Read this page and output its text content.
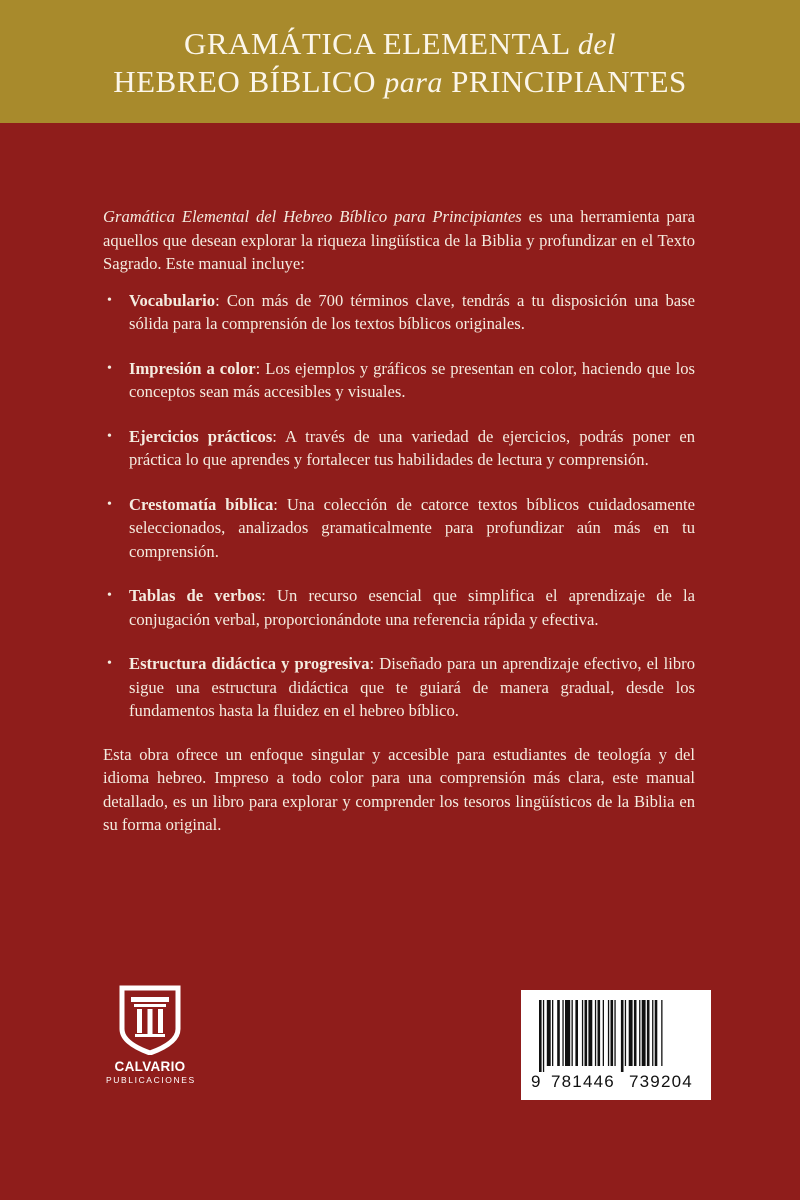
GRAMÁTICA ELEMENTAL del
HEBREO BÍBLICO para PRINCIPIANTES

Gramática Elemental del Hebreo Bíblico para Principiantes es una herramienta para aquellos que desean explorar la riqueza lingüística de la Biblia y profundizar en el Texto Sagrado. Este manual incluye:

• Vocabulario: Con más de 700 términos clave, tendrás a tu disposición una base sólida para la comprensión de los textos bíblicos originales.
• Impresión a color: Los ejemplos y gráficos se presentan en color, haciendo que los conceptos sean más accesibles y visuales.
• Ejercicios prácticos: A través de una variedad de ejercicios, podrás poner en práctica lo que aprendes y fortalecer tus habilidades de lectura y comprensión.
• Crestomatía bíblica: Una colección de catorce textos bíblicos cuidadosamente seleccionados, analizados gramaticalmente para profundizar aún más en tu comprensión.
• Tablas de verbos: Un recurso esencial que simplifica el aprendizaje de la conjugación verbal, proporcionándote una referencia rápida y efectiva.
• Estructura didáctica y progresiva: Diseñado para un aprendizaje efectivo, el libro sigue una estructura didáctica que te guiará de manera gradual, desde los fundamentos hasta la fluidez en el hebreo bíblico.

Esta obra ofrece un enfoque singular y accesible para estudiantes de teología y del idioma hebreo. Impreso a todo color para una comprensión más clara, este manual detallado, es un libro para explorar y comprender los tesoros lingüísticos de la Biblia en su forma original.

CALVARIO
PUBLICACIONES	9 781446 739204
